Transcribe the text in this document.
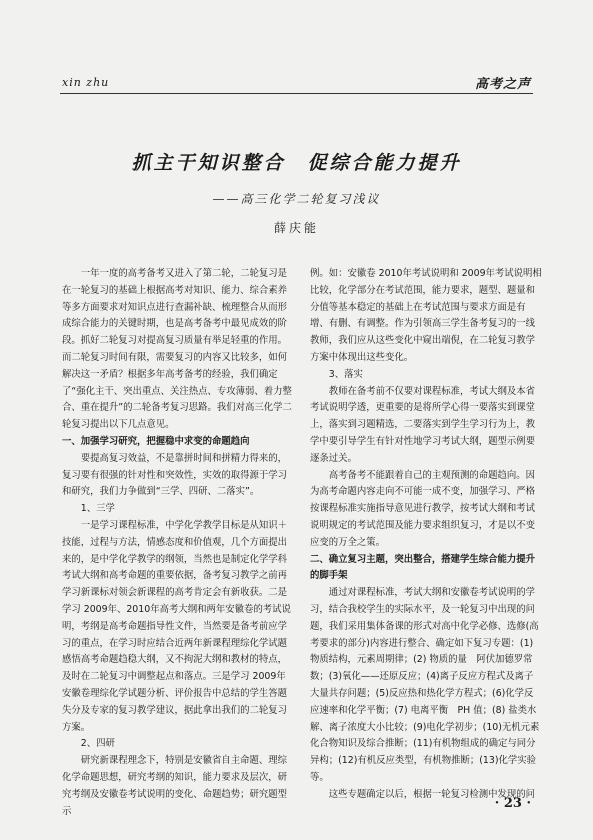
xin zhu	高考之声
抓主干知识整合　促综合能力提升
——高三化学二轮复习浅议
薛庆能

一年一度的高考备考又进入了第二轮，二轮复习是在一轮复习的基础上根据高考对知识、能力、综合素养等多方面要求对知识点进行查漏补缺、梳理整合从而形成综合能力的关键时期，也是高考备考中最见成效的阶段。抓好二轮复习对提高复习质量有举足轻重的作用。而二轮复习时间有限，需要复习的内容又比较多，如何解决这一矛盾？根据多年高考备考的经验，我们确定了“强化主干、突出重点、关注热点、专攻薄弱、着力整合、重在提升”的二轮备考复习思路。我们对高三化学二轮复习提出以下几点意见。

一、加强学习研究，把握稳中求变的命题趋向

要提高复习效益，不是靠拼时间和拼精力得来的，复习要有很强的针对性和突效性，实效的取得源于学习和研究，我们力争做到“三学、四研、二落实”。

1、三学

一是学习课程标准，中学化学教学目标是从知识＋技能，过程与方法，情感态度和价值观，几个方面提出来的，是中学化学教学的纲领，当然也是制定化学学科考试大纲和高考命题的重要依据，备考复习教学之前再学习新课标对领会新课程的高考肯定会有新收获。二是学习 2009年、2010年高考大纲和两年安徽卷的考试说明，考纲是高考命题指导性文件，当然要是备考前应学习的重点，在学习时应结合近两年新课程理综化学试题感悟高考命题趋稳大纲，又不拘泥大纲和教材的特点，及时在二轮复习中调整起点和落点。三是学习 2009年安徽卷理综化学试题分析、评价报告中总结的学生答题失分及专家的复习教学建议，据此拿出我们的二轮复习方案。

2、四研

研究新课程理念下，特别是安徽省自主命题、理综化学命题思想，研究考纲的知识，能力要求及层次，研究考纲及安徽卷考试说明的变化、命题趋势；研究题型示

例。如：安徽卷 2010年考试说明和 2009年考试说明相比较，化学部分在考试范围，能力要求，题型、题量和分值等基本稳定的基础上在考试范围与要求方面是有增、有删、有调整。作为引领高三学生备考复习的一线教师，我们应从这些变化中窥出端倪，在二轮复习教学方案中体现出这些变化。

3、落实

教师在备考前不仅要对课程标准，考试大纲及本省考试说明学透，更重要的是将所学心得一要落实到课堂上，落实到习题精选，二要落实到学生学习行为上，教学中要引导学生有针对性地学习考试大纲，题型示例要逐条过关。

高考备考不能跟着自己的主观预测的命题趋向。因为高考命题内容走向不可能一成不变，加强学习、严格按课程标准实施指导意见进行教学，按考试大纲和考试说明规定的考试范围及能力要求组织复习，才是以不变应变的万全之策。

二、确立复习主题，突出整合，搭建学生综合能力提升的脚手架

通过对课程标准，考试大纲和安徽卷考试说明的学习，结合我校学生的实际水平，及一轮复习中出现的问题，我们采用集体备课的形式对高中化学必修、选修(高考要求的部分)内容进行整合、确定如下复习专题：(1)物质结构，元素周期律；(2) 物质的量　阿伏加德罗常数；(3)氧化——还原反应；(4)离子反应方程式及离子大量共存问题；(5)反应热和热化学方程式；(6)化学反应速率和化学平衡；(7) 电离平衡　PH 值；(8) 盐类水解、离子浓度大小比较；(9)电化学初步；(10)无机元素化合物知识及综合推断；(11)有机物组成的确定与同分异构；(12)有机反应类型，有机物推断；(13)化学实验等。

这些专题确定以后，根据一轮复习检测中发现的问

· 23 ·
